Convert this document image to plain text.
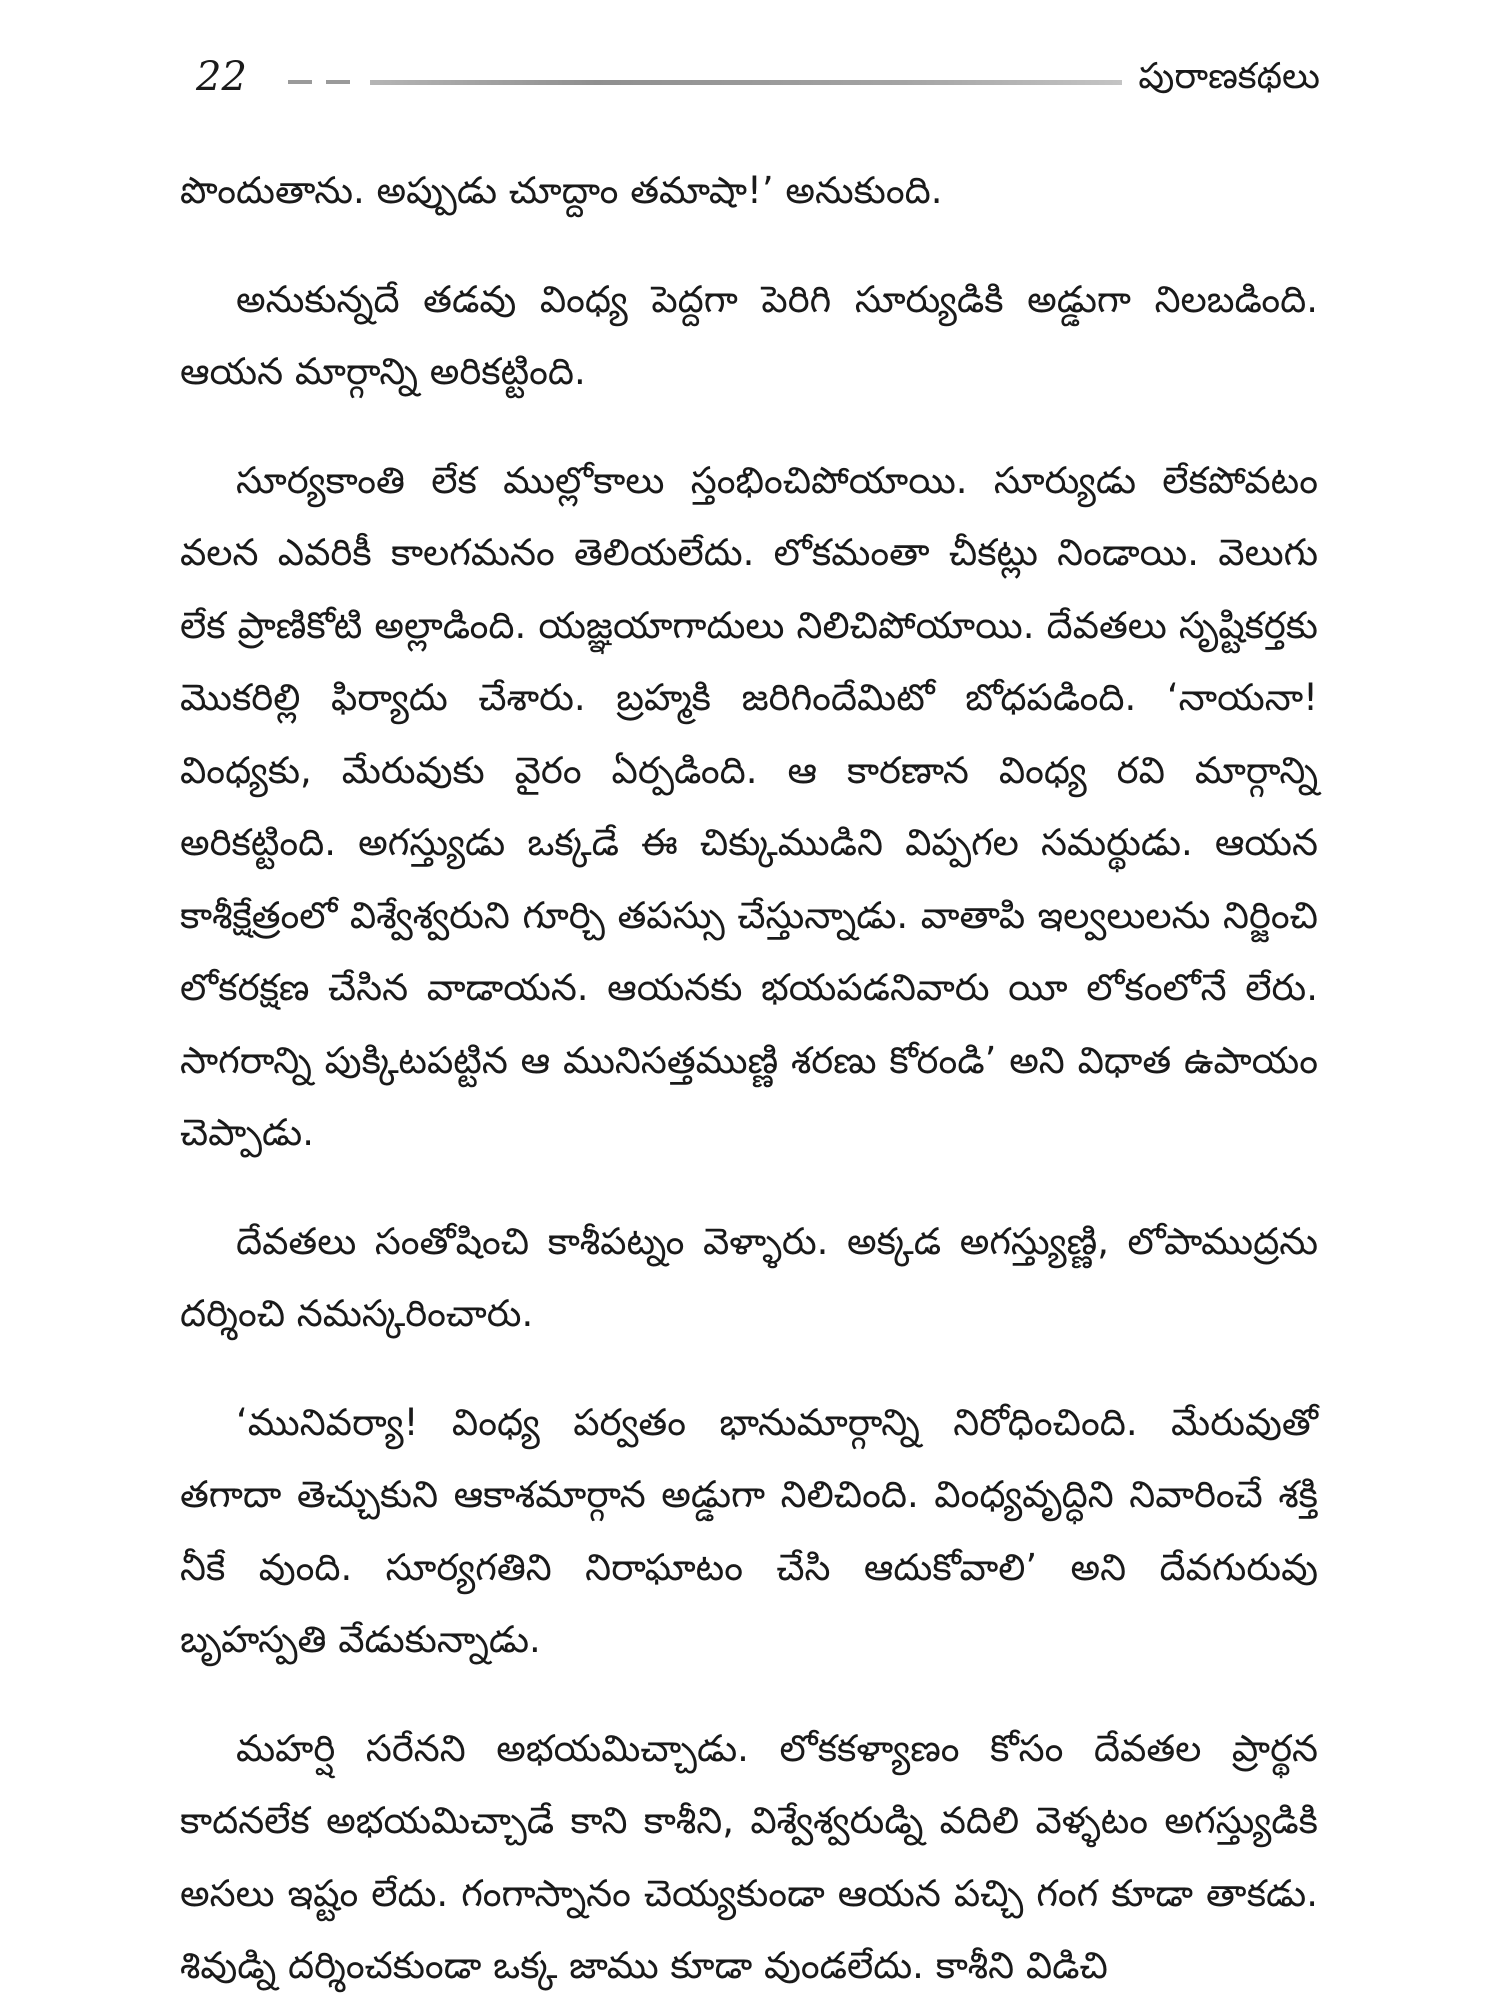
22	పురాణకథలు

పొందుతాను. అప్పుడు చూద్దాం తమాషా!’ అనుకుంది.

అనుకున్నదే తడవు వింధ్య పెద్దగా పెరిగి సూర్యుడికి అడ్డుగా నిలబడింది. ఆయన మార్గాన్ని అరికట్టింది.

సూర్యకాంతి లేక ముల్లోకాలు స్తంభించిపోయాయి. సూర్యుడు లేకపోవటం వలన ఎవరికీ కాలగమనం తెలియలేదు. లోకమంతా చీకట్లు నిండాయి. వెలుగు లేక ప్రాణికోటి అల్లాడింది. యజ్ఞయాగాదులు నిలిచిపోయాయి. దేవతలు సృష్టికర్తకు మొకరిల్లి ఫిర్యాదు చేశారు. బ్రహ్మకి జరిగిందేమిటో బోధపడింది. ‘నాయనా! వింధ్యకు, మేరువుకు వైరం ఏర్పడింది. ఆ కారణాన వింధ్య రవి మార్గాన్ని అరికట్టింది. అగస్త్యుడు ఒక్కడే ఈ చిక్కుముడిని విప్పగల సమర్థుడు. ఆయన కాశీక్షేత్రంలో విశ్వేశ్వరుని గూర్చి తపస్సు చేస్తున్నాడు. వాతాపి ఇల్వలులను నిర్జించి లోకరక్షణ చేసిన వాడాయన. ఆయనకు భయపడనివారు యీ లోకంలోనే లేరు. సాగరాన్ని పుక్కిటపట్టిన ఆ మునిసత్తముణ్ణి శరణు కోరండి’ అని విధాత ఉపాయం చెప్పాడు.

దేవతలు సంతోషించి కాశీపట్నం వెళ్ళారు. అక్కడ అగస్త్యుణ్ణి, లోపాముద్రను దర్శించి నమస్కరించారు.

‘మునివర్యా! వింధ్య పర్వతం భానుమార్గాన్ని నిరోధించింది. మేరువుతో తగాదా తెచ్చుకుని ఆకాశమార్గాన అడ్డుగా నిలిచింది. వింధ్యవృద్ధిని నివారించే శక్తి నీకే వుంది. సూర్యగతిని నిరాఘాటం చేసి ఆదుకోవాలి’ అని దేవగురువు బృహస్పతి వేడుకున్నాడు.

మహర్షి సరేనని అభయమిచ్చాడు. లోకకళ్యాణం కోసం దేవతల ప్రార్థన కాదనలేక అభయమిచ్చాడే కాని కాశీని, విశ్వేశ్వరుడ్ని వదిలి వెళ్ళటం అగస్త్యుడికి అసలు ఇష్టం లేదు. గంగాస్నానం చెయ్యకుండా ఆయన పచ్చి గంగ కూడా తాకడు. శివుడ్ని దర్శించకుండా ఒక్క జాము కూడా వుండలేదు. కాశీని విడిచి
